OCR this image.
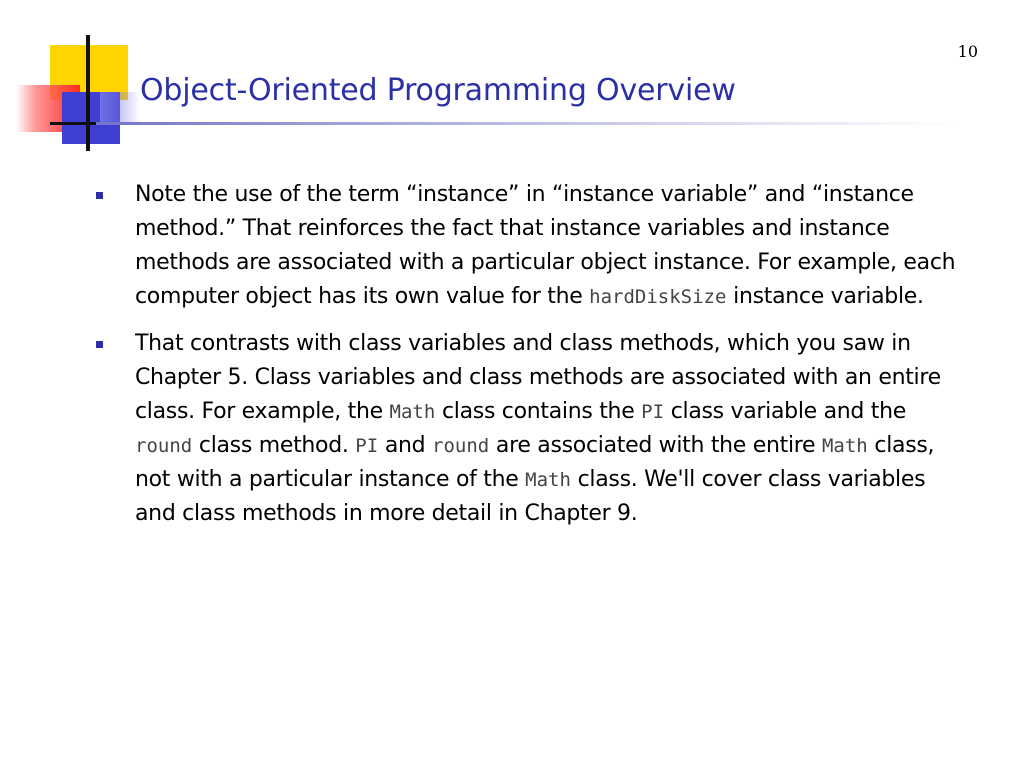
10
Object-Oriented Programming Overview
Note the use of the term “instance” in “instance variable” and “instance method.” That reinforces the fact that instance variables and instance methods are associated with a particular object instance. For example, each computer object has its own value for the hardDiskSize instance variable.
That contrasts with class variables and class methods, which you saw in Chapter 5. Class variables and class methods are associated with an entire class. For example, the Math class contains the PI class variable and the round class method. PI and round are associated with the entire Math class, not with a particular instance of the Math class. We'll cover class variables and class methods in more detail in Chapter 9.
